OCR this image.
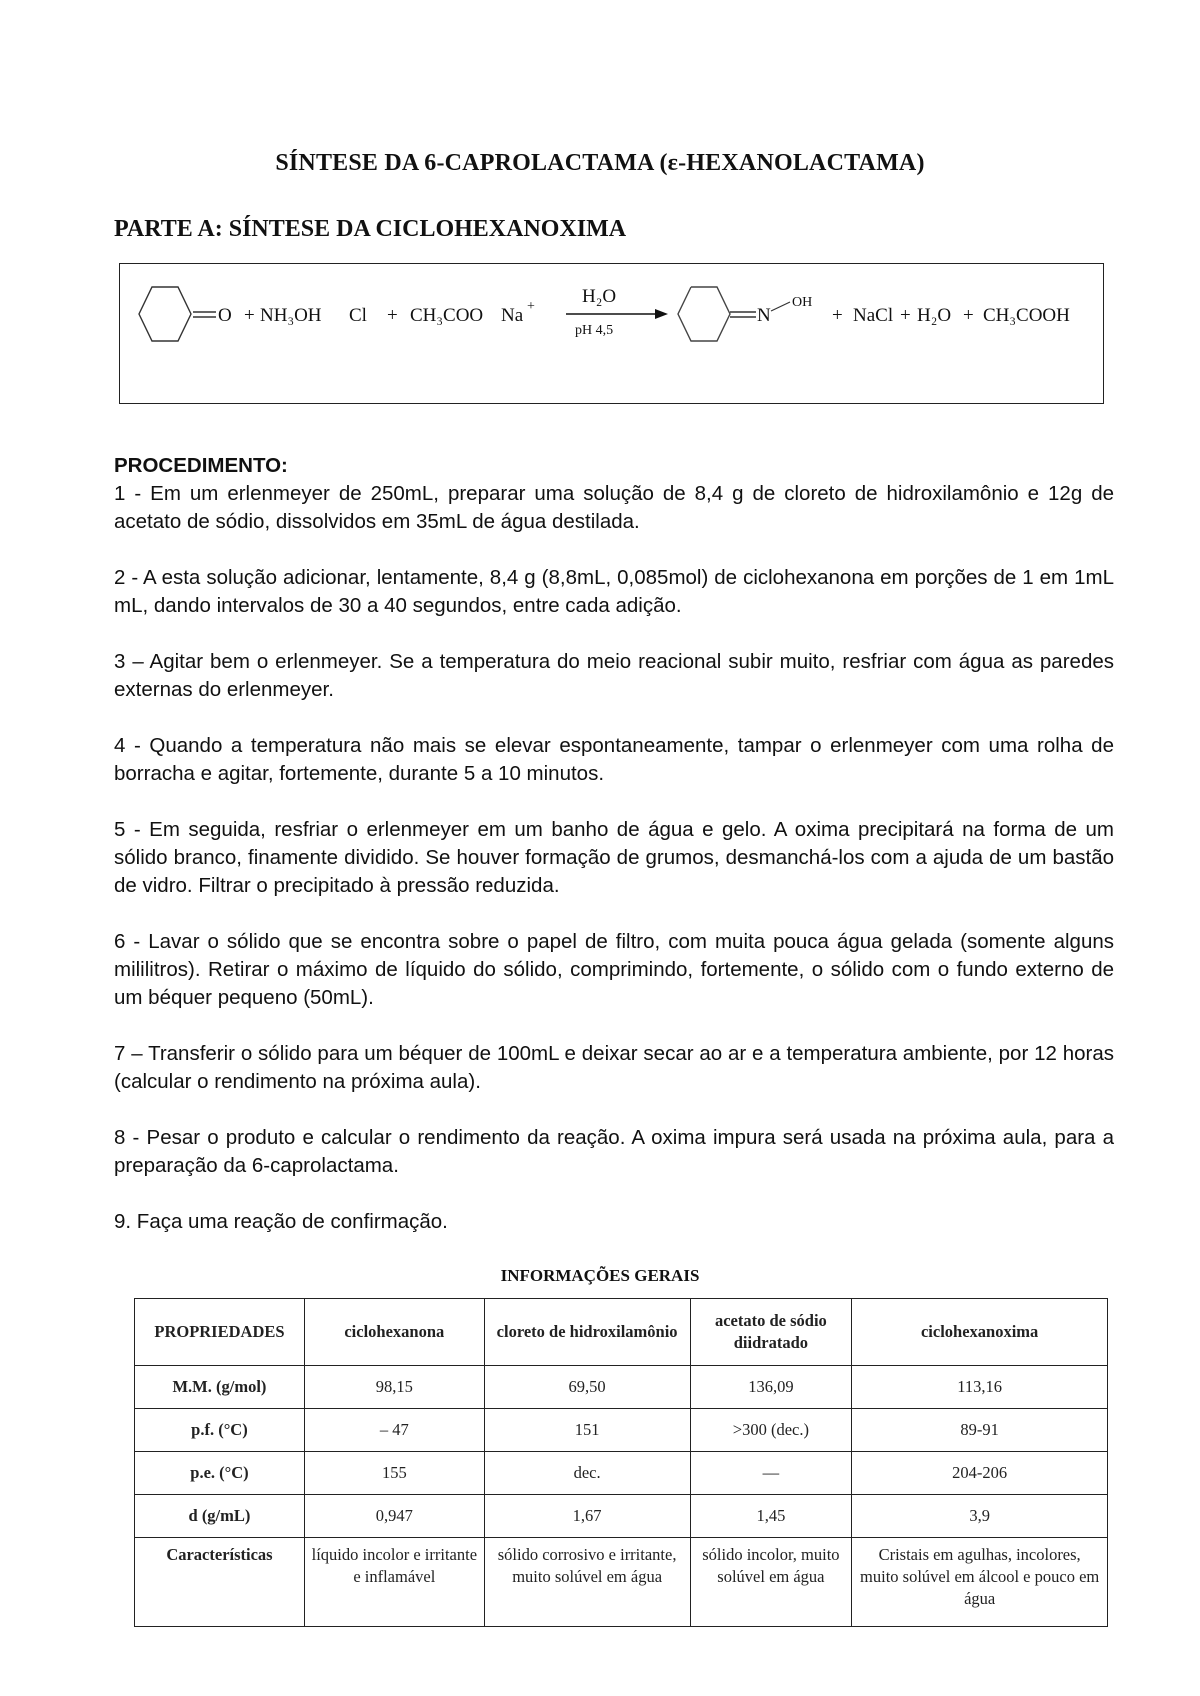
SÍNTESE DA 6-CAPROLACTAMA (ε-HEXANOLACTAMA)
PARTE A: SÍNTESE DA CICLOHEXANOXIMA
O + NH₃OH Cl + CH₃COO Na + H₂O
pH 4,5
N
OH
+ NaCl + H₂O + CH₃COOH

PROCEDIMENTO:

1 - Em um erlenmeyer de 250mL, preparar uma solução de 8,4 g de cloreto de hidroxilamônio e 12g de acetato de sódio, dissolvidos em 35mL de água destilada.

2 - A esta solução adicionar, lentamente, 8,4 g (8,8mL, 0,085mol) de ciclohexanona em porções de 1 em 1mL mL, dando intervalos de 30 a 40 segundos, entre cada adição.

3 – Agitar bem o erlenmeyer. Se a temperatura do meio reacional subir muito, resfriar com água as paredes externas do erlenmeyer.

4 - Quando a temperatura não mais se elevar espontaneamente, tampar o erlenmeyer com uma rolha de borracha e agitar, fortemente, durante 5 a 10 minutos.

5 - Em seguida, resfriar o erlenmeyer em um banho de água e gelo. A oxima precipitará na forma de um sólido branco, finamente dividido. Se houver formação de grumos, desmanchá-los com a ajuda de um bastão de vidro. Filtrar o precipitado à pressão reduzida.

6 - Lavar o sólido que se encontra sobre o papel de filtro, com muita pouca água gelada (somente alguns mililitros). Retirar o máximo de líquido do sólido, comprimindo, fortemente, o sólido com o fundo externo de um béquer pequeno (50mL).

7 – Transferir o sólido para um béquer de 100mL e deixar secar ao ar e a temperatura ambiente, por 12 horas (calcular o rendimento na próxima aula).

8 - Pesar o produto e calcular o rendimento da reação. A oxima impura será usada na próxima aula, para a preparação da 6-caprolactama.

9. Faça uma reação de confirmação.

INFORMAÇÕES GERAIS
PROPRIEDADES	ciclohexanona	cloreto de hidroxilamônio	acetato de sódio diidratado	ciclohexanoxima
M.M. (g/mol)	98,15	69,50	136,09	113,16
p.f. (°C)	– 47	151	>300 (dec.)	89-91
p.e. (°C)	155	dec.	—	204-206
d (g/mL)	0,947	1,67	1,45	3,9
Características	líquido incolor e irritante e inflamável	sólido corrosivo e irritante, muito solúvel em água	sólido incolor, muito solúvel em água	Cristais em agulhas, incolores, muito solúvel em álcool e pouco em água
